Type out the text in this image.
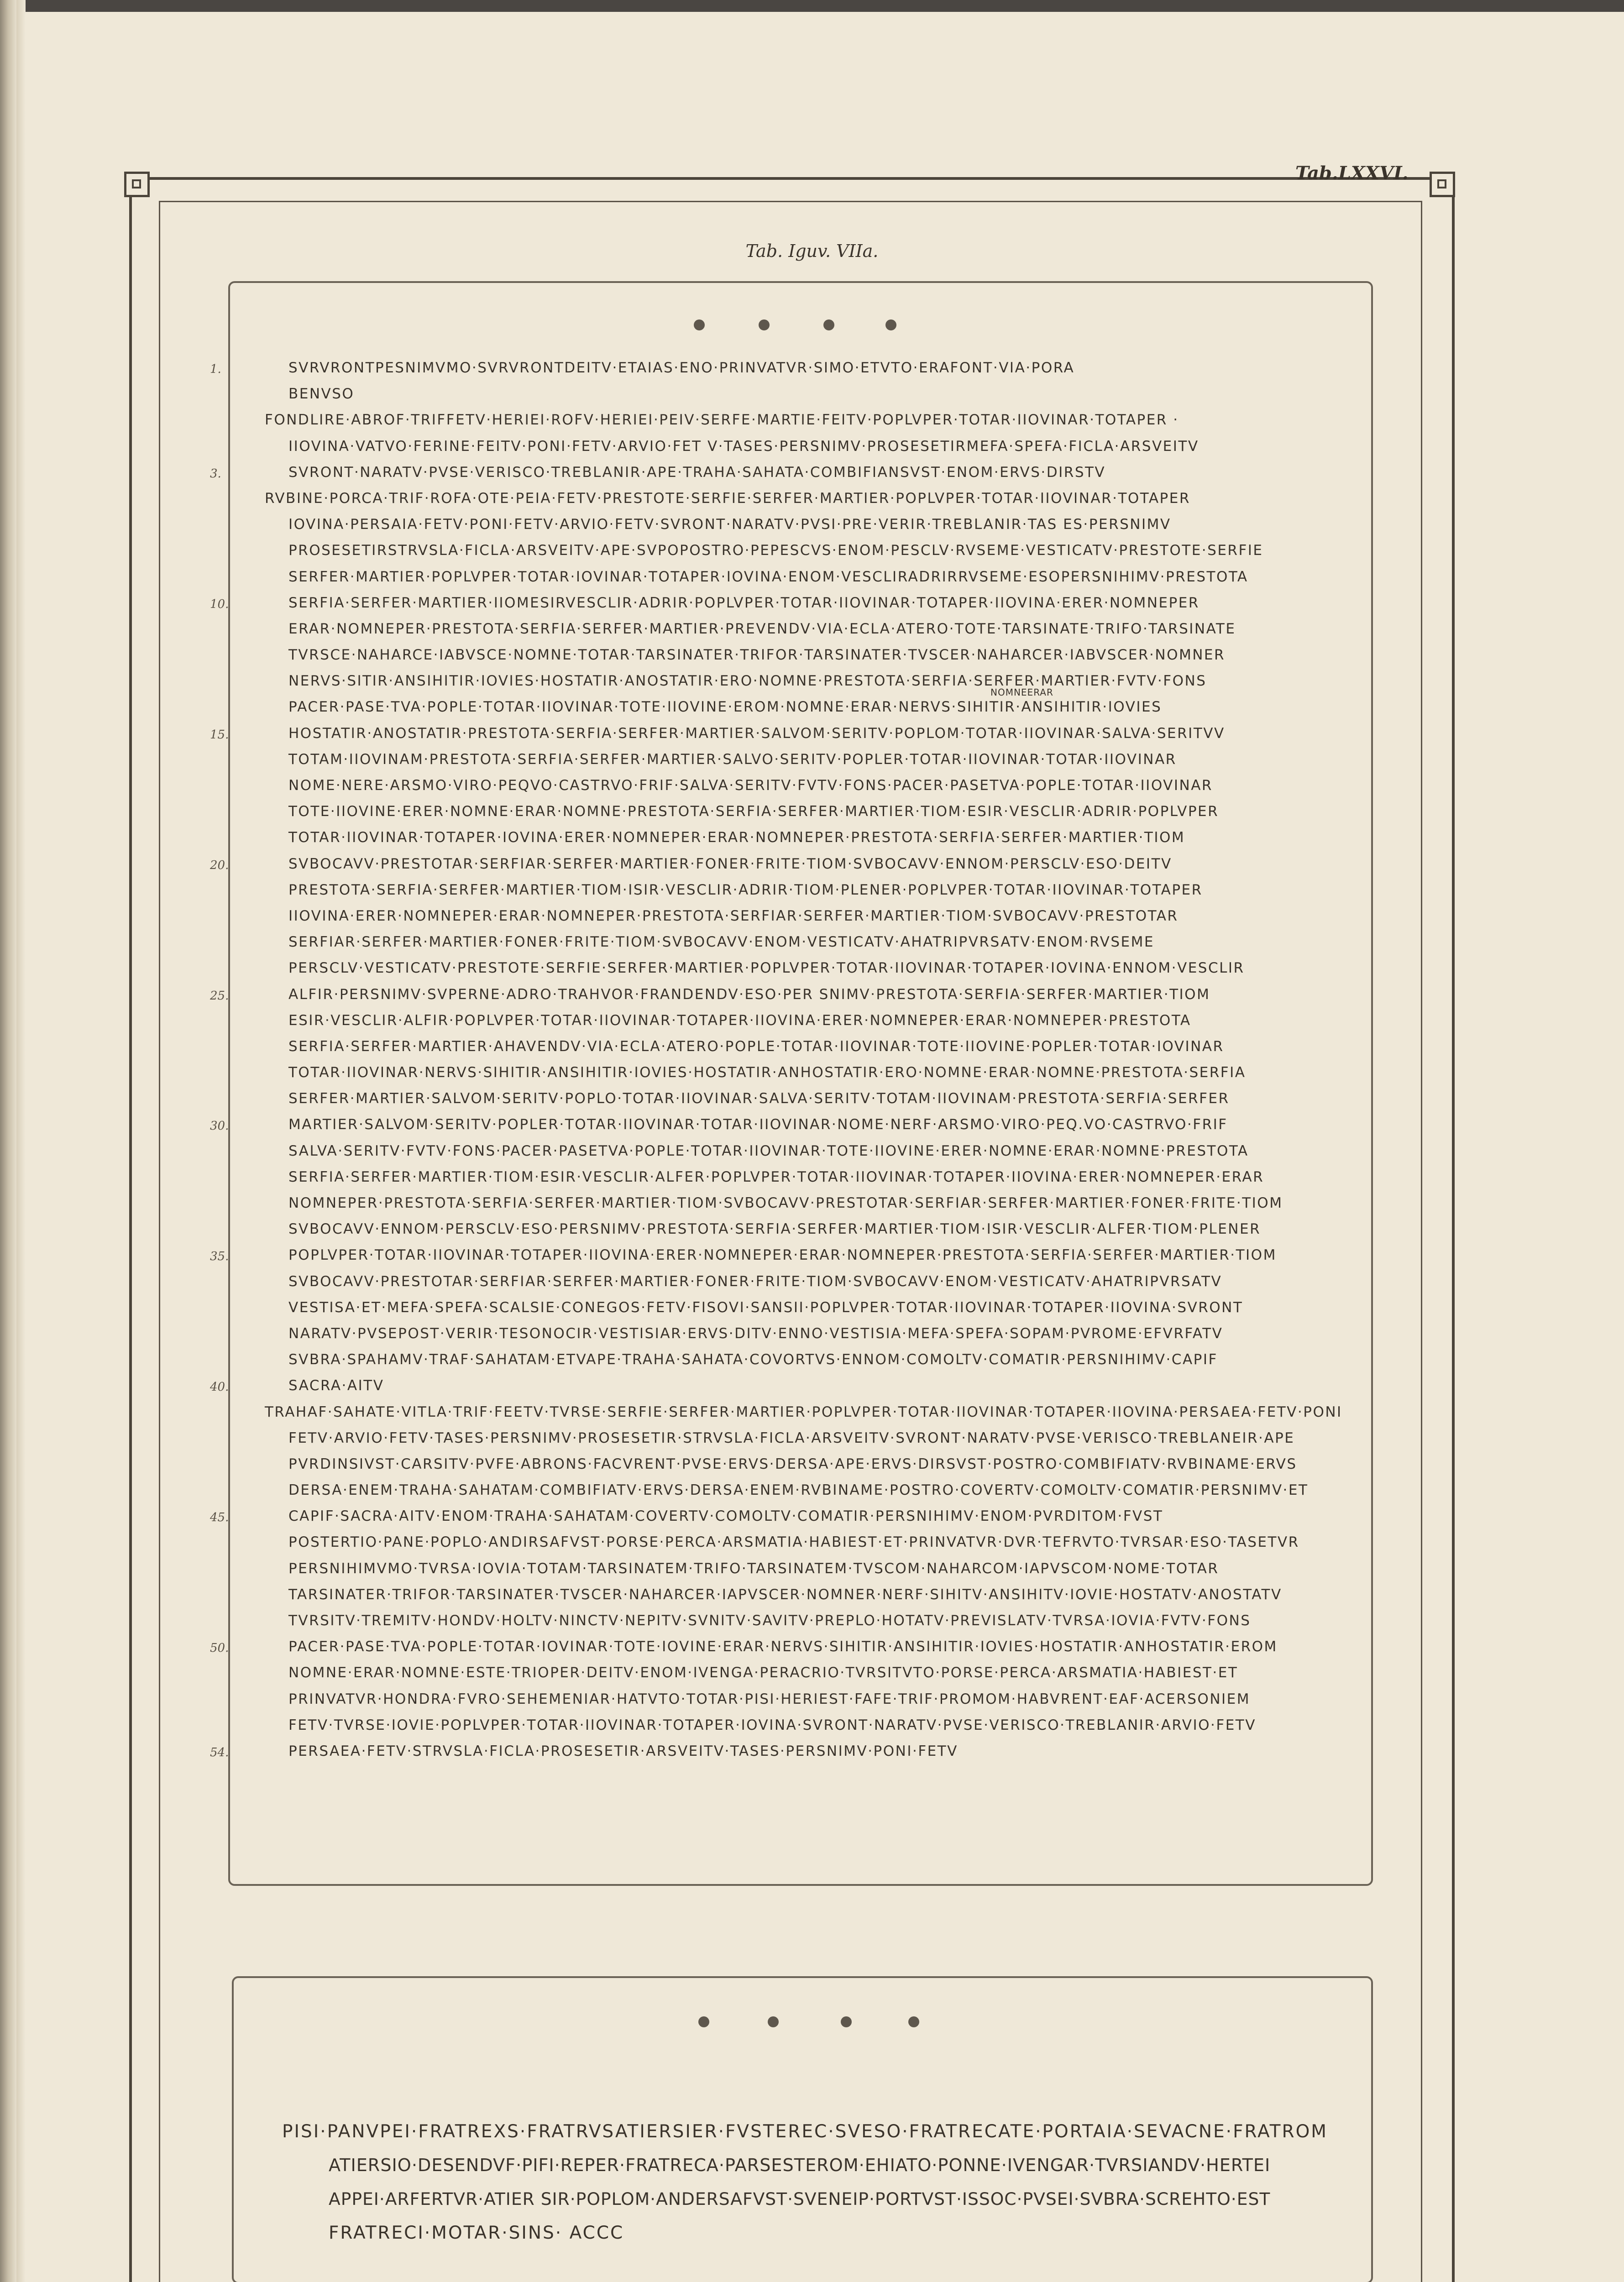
Tab.LXXVI.
Tab. Iguv. VIIa.
1.	SVRVRONTPESNIMVMO·SVRVRONTDEITV·ETAIAS·ENO·PRINVATVR·SIMO·ETVTO·ERAFONT·VIA·PORA
BENVSO
FONDLIRE·ABROF·TRIFFETV·HERIEI·ROFV·HERIEI·PEIV·SERFE·MARTIE·FEITV·POPLVPER·TOTAR·IIOVINAR·TOTAPER ·
IIOVINA·VATVO·FERINE·FEITV·PONI·FETV·ARVIO·FET V·TASES·PERSNIMV·PROSESETIRMEFA·SPEFA·FICLA·ARSVEITV
3.	SVRONT·NARATV·PVSE·VERISCO·TREBLANIR·APE·TRAHA·SAHATA·COMBIFIANSVST·ENOM·ERVS·DIRSTV
RVBINE·PORCA·TRIF·ROFA·OTE·PEIA·FETV·PRESTOTE·SERFIE·SERFER·MARTIER·POPLVPER·TOTAR·IIOVINAR·TOTAPER
IOVINA·PERSAIA·FETV·PONI·FETV·ARVIO·FETV·SVRONT·NARATV·PVSI·PRE·VERIR·TREBLANIR·TAS ES·PERSNIMV
PROSESETIRSTRVSLA·FICLA·ARSVEITV·APE·SVPOPOSTRO·PEPESCVS·ENOM·PESCLV·RVSEME·VESTICATV·PRESTOTE·SERFIE
SERFER·MARTIER·POPLVPER·TOTAR·IOVINAR·TOTAPER·IOVINA·ENOM·VESCLIRADRIRRVSEME·ESOPERSNIHIMV·PRESTOTA
10.	SERFIA·SERFER·MARTIER·IIOMESIRVESCLIR·ADRIR·POPLVPER·TOTAR·IIOVINAR·TOTAPER·IIOVINA·ERER·NOMNEPER
ERAR·NOMNEPER·PRESTOTA·SERFIA·SERFER·MARTIER·PREVENDV·VIA·ECLA·ATERO·TOTE·TARSINATE·TRIFO·TARSINATE
TVRSCE·NAHARCE·IABVSCE·NOMNE·TOTAR·TARSINATER·TRIFOR·TARSINATER·TVSCER·NAHARCER·IABVSCER·NOMNER
NERVS·SITIR·ANSIHITIR·IOVIES·HOSTATIR·ANOSTATIR·ERO·NOMNE·PRESTOTA·SERFIA·SERFER·MARTIER·FVTV·FONS
PACER·PASE·TVA·POPLE·TOTAR·IIOVINAR·TOTE·IIOVINE·EROM·NOMNE·ERAR·NERVS·SIHITIR·ANSIHITIR·IOVIES
NOMNEERAR
15.	HOSTATIR·ANOSTATIR·PRESTOTA·SERFIA·SERFER·MARTIER·SALVOM·SERITV·POPLOM·TOTAR·IIOVINAR·SALVA·SERITVV
TOTAM·IIOVINAM·PRESTOTA·SERFIA·SERFER·MARTIER·SALVO·SERITV·POPLER·TOTAR·IIOVINAR·TOTAR·IIOVINAR
NOME·NERE·ARSMO·VIRO·PEQVO·CASTRVO·FRIF·SALVA·SERITV·FVTV·FONS·PACER·PASETVA·POPLE·TOTAR·IIOVINAR
TOTE·IIOVINE·ERER·NOMNE·ERAR·NOMNE·PRESTOTA·SERFIA·SERFER·MARTIER·TIOM·ESIR·VESCLIR·ADRIR·POPLVPER
TOTAR·IIOVINAR·TOTAPER·IOVINA·ERER·NOMNEPER·ERAR·NOMNEPER·PRESTOTA·SERFIA·SERFER·MARTIER·TIOM
20.	SVBOCAVV·PRESTOTAR·SERFIAR·SERFER·MARTIER·FONER·FRITE·TIOM·SVBOCAVV·ENNOM·PERSCLV·ESO·DEITV
PRESTOTA·SERFIA·SERFER·MARTIER·TIOM·ISIR·VESCLIR·ADRIR·TIOM·PLENER·POPLVPER·TOTAR·IIOVINAR·TOTAPER
IIOVINA·ERER·NOMNEPER·ERAR·NOMNEPER·PRESTOTA·SERFIAR·SERFER·MARTIER·TIOM·SVBOCAVV·PRESTOTAR
SERFIAR·SERFER·MARTIER·FONER·FRITE·TIOM·SVBOCAVV·ENOM·VESTICATV·AHATRIPVRSATV·ENOM·RVSEME
PERSCLV·VESTICATV·PRESTOTE·SERFIE·SERFER·MARTIER·POPLVPER·TOTAR·IIOVINAR·TOTAPER·IOVINA·ENNOM·VESCLIR
25.	ALFIR·PERSNIMV·SVPERNE·ADRO·TRAHVOR·FRANDENDV·ESO·PER SNIMV·PRESTOTA·SERFIA·SERFER·MARTIER·TIOM
ESIR·VESCLIR·ALFIR·POPLVPER·TOTAR·IIOVINAR·TOTAPER·IIOVINA·ERER·NOMNEPER·ERAR·NOMNEPER·PRESTOTA
SERFIA·SERFER·MARTIER·AHAVENDV·VIA·ECLA·ATERO·POPLE·TOTAR·IIOVINAR·TOTE·IIOVINE·POPLER·TOTAR·IOVINAR
TOTAR·IIOVINAR·NERVS·SIHITIR·ANSIHITIR·IOVIES·HOSTATIR·ANHOSTATIR·ERO·NOMNE·ERAR·NOMNE·PRESTOTA·SERFIA
SERFER·MARTIER·SALVOM·SERITV·POPLO·TOTAR·IIOVINAR·SALVA·SERITV·TOTAM·IIOVINAM·PRESTOTA·SERFIA·SERFER
30.	MARTIER·SALVOM·SERITV·POPLER·TOTAR·IIOVINAR·TOTAR·IIOVINAR·NOME·NERF·ARSMO·VIRO·PEQ.VO·CASTRVO·FRIF
SALVA·SERITV·FVTV·FONS·PACER·PASETVA·POPLE·TOTAR·IIOVINAR·TOTE·IIOVINE·ERER·NOMNE·ERAR·NOMNE·PRESTOTA
SERFIA·SERFER·MARTIER·TIOM·ESIR·VESCLIR·ALFER·POPLVPER·TOTAR·IIOVINAR·TOTAPER·IIOVINA·ERER·NOMNEPER·ERAR
NOMNEPER·PRESTOTA·SERFIA·SERFER·MARTIER·TIOM·SVBOCAVV·PRESTOTAR·SERFIAR·SERFER·MARTIER·FONER·FRITE·TIOM
SVBOCAVV·ENNOM·PERSCLV·ESO·PERSNIMV·PRESTOTA·SERFIA·SERFER·MARTIER·TIOM·ISIR·VESCLIR·ALFER·TIOM·PLENER
35.	POPLVPER·TOTAR·IIOVINAR·TOTAPER·IIOVINA·ERER·NOMNEPER·ERAR·NOMNEPER·PRESTOTA·SERFIA·SERFER·MARTIER·TIOM
SVBOCAVV·PRESTOTAR·SERFIAR·SERFER·MARTIER·FONER·FRITE·TIOM·SVBOCAVV·ENOM·VESTICATV·AHATRIPVRSATV
VESTISA·ET·MEFA·SPEFA·SCALSIE·CONEGOS·FETV·FISOVI·SANSII·POPLVPER·TOTAR·IIOVINAR·TOTAPER·IIOVINA·SVRONT
NARATV·PVSEPOST·VERIR·TESONOCIR·VESTISIAR·ERVS·DITV·ENNO·VESTISIA·MEFA·SPEFA·SOPAM·PVROME·EFVRFATV
SVBRA·SPAHAMV·TRAF·SAHATAM·ETVAPE·TRAHA·SAHATA·COVORTVS·ENNOM·COMOLTV·COMATIR·PERSNIHIMV·CAPIF
40.	SACRA·AITV
TRAHAF·SAHATE·VITLA·TRIF·FEETV·TVRSE·SERFIE·SERFER·MARTIER·POPLVPER·TOTAR·IIOVINAR·TOTAPER·IIOVINA·PERSAEA·FETV·PONI
FETV·ARVIO·FETV·TASES·PERSNIMV·PROSESETIR·STRVSLA·FICLA·ARSVEITV·SVRONT·NARATV·PVSE·VERISCO·TREBLANEIR·APE
PVRDINSIVST·CARSITV·PVFE·ABRONS·FACVRENT·PVSE·ERVS·DERSA·APE·ERVS·DIRSVST·POSTRO·COMBIFIATV·RVBINAME·ERVS
DERSA·ENEM·TRAHA·SAHATAM·COMBIFIATV·ERVS·DERSA·ENEM·RVBINAME·POSTRO·COVERTV·COMOLTV·COMATIR·PERSNIMV·ET
45.	CAPIF·SACRA·AITV·ENOM·TRAHA·SAHATAM·COVERTV·COMOLTV·COMATIR·PERSNIHIMV·ENOM·PVRDITOM·FVST
POSTERTIO·PANE·POPLO·ANDIRSAFVST·PORSE·PERCA·ARSMATIA·HABIEST·ET·PRINVATVR·DVR·TEFRVTO·TVRSAR·ESO·TASETVR
PERSNIHIMVMO·TVRSA·IOVIA·TOTAM·TARSINATEM·TRIFO·TARSINATEM·TVSCOM·NAHARCOM·IAPVSCOM·NOME·TOTAR
TARSINATER·TRIFOR·TARSINATER·TVSCER·NAHARCER·IAPVSCER·NOMNER·NERF·SIHITV·ANSIHITV·IOVIE·HOSTATV·ANOSTATV
TVRSITV·TREMITV·HONDV·HOLTV·NINCTV·NEPITV·SVNITV·SAVITV·PREPLO·HOTATV·PREVISLATV·TVRSA·IOVIA·FVTV·FONS
50.	PACER·PASE·TVA·POPLE·TOTAR·IOVINAR·TOTE·IOVINE·ERAR·NERVS·SIHITIR·ANSIHITIR·IOVIES·HOSTATIR·ANHOSTATIR·EROM
NOMNE·ERAR·NOMNE·ESTE·TRIOPER·DEITV·ENOM·IVENGA·PERACRIO·TVRSITVTO·PORSE·PERCA·ARSMATIA·HABIEST·ET
PRINVATVR·HONDRA·FVRO·SEHEMENIAR·HATVTO·TOTAR·PISI·HERIEST·FAFE·TRIF·PROMOM·HABVRENT·EAF·ACERSONIEM
FETV·TVRSE·IOVIE·POPLVPER·TOTAR·IIOVINAR·TOTAPER·IOVINA·SVRONT·NARATV·PVSE·VERISCO·TREBLANIR·ARVIO·FETV
54.	PERSAEA·FETV·STRVSLA·FICLA·PROSESETIR·ARSVEITV·TASES·PERSNIMV·PONI·FETV
PISI·PANVPEI·FRATREXS·FRATRVSATIERSIER·FVSTEREC·SVESO·FRATRECATE·PORTAIA·SEVACNE·FRATROM
ATIERSIO·DESENDVF·PIFI·REPER·FRATRECA·PARSESTEROM·EHIATO·PONNE·IVENGAR·TVRSIANDV·HERTEI
APPEI·ARFERTVR·ATIER SIR·POPLOM·ANDERSAFVST·SVENEIP·PORTVST·ISSOC·PVSEI·SVBRA·SCREHTO·EST
FRATRECI·MOTAR·SINS· ACCC
